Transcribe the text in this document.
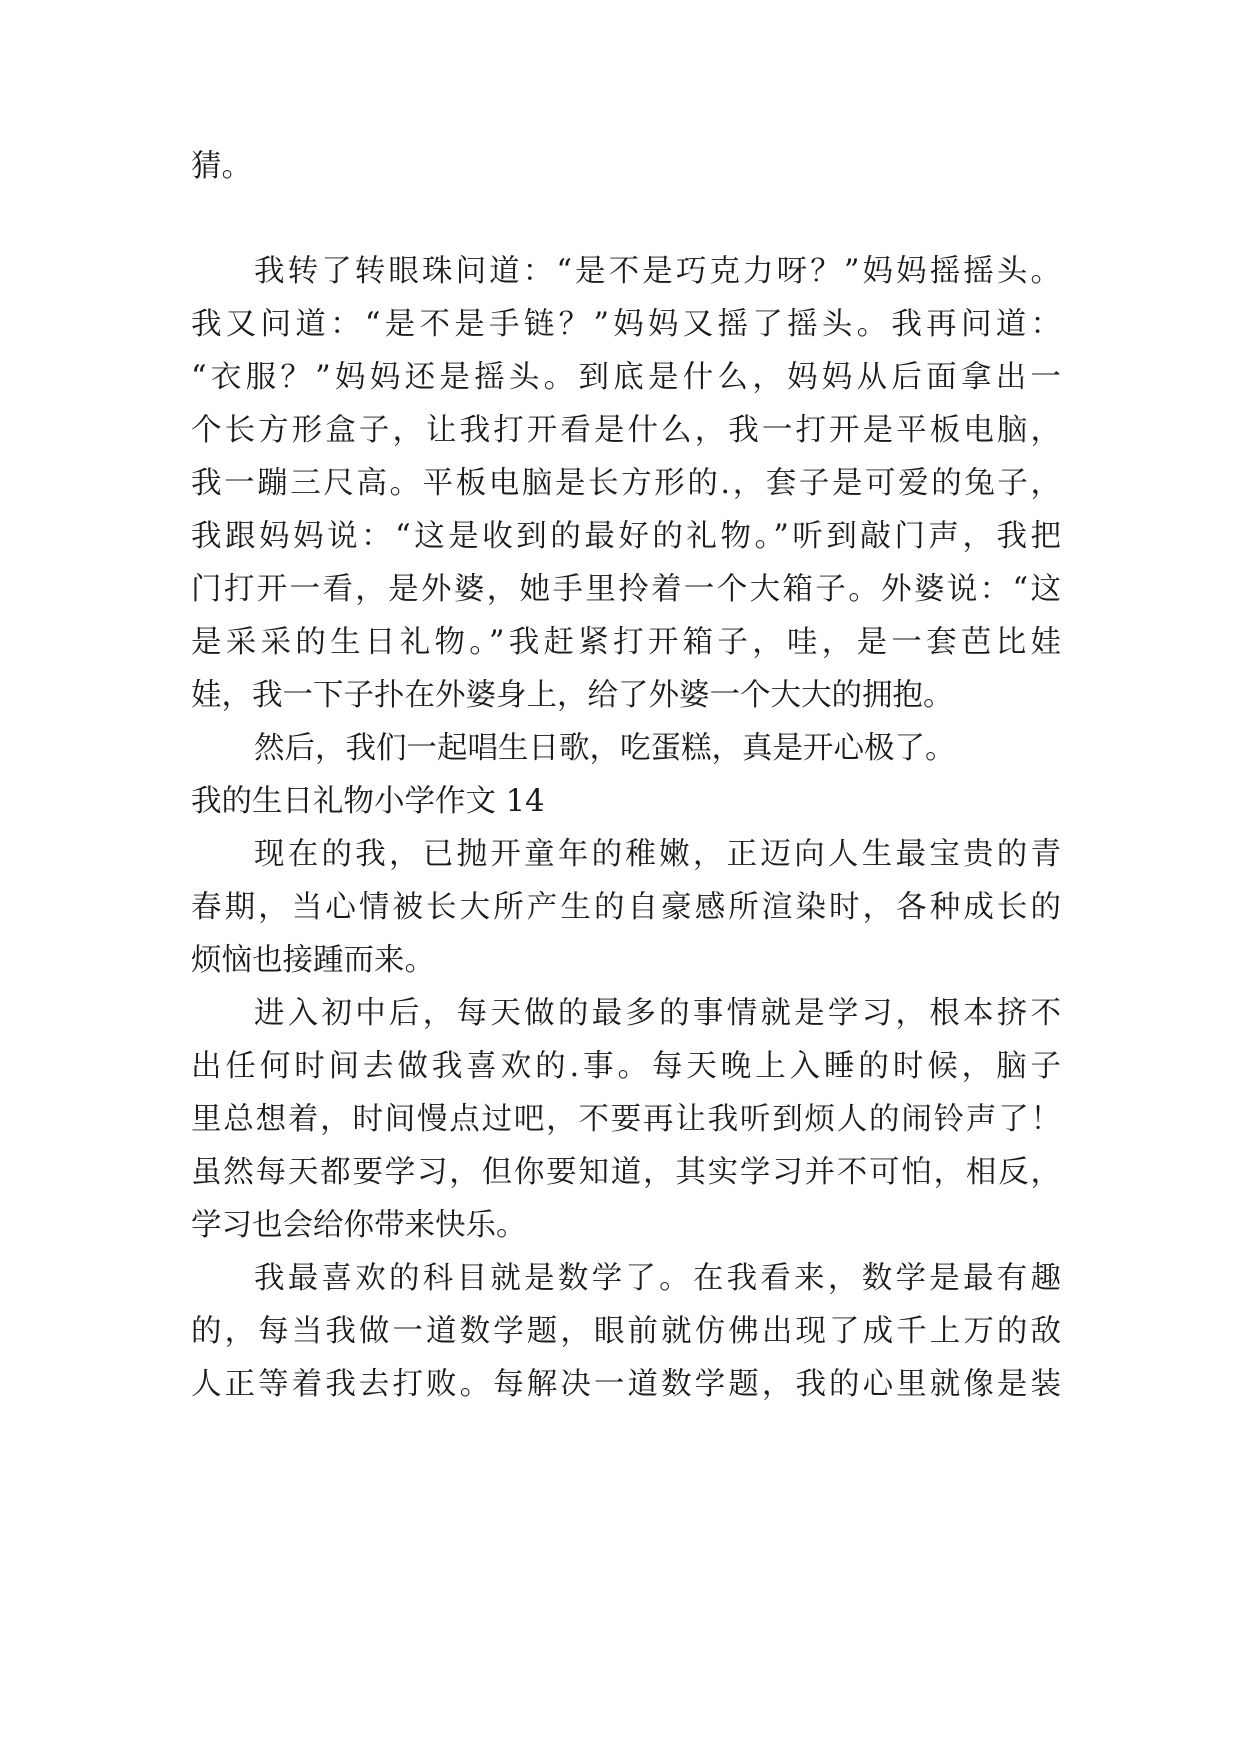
猜。
我转了转眼珠问道：“是不是巧克力呀？”妈妈摇摇头。
我又问道：“是不是手链？”妈妈又摇了摇头。我再问道：
“衣服？”妈妈还是摇头。到底是什么，妈妈从后面拿出一
个长方形盒子，让我打开看是什么，我一打开是平板电脑，
我一蹦三尺高。平板电脑是长方形的.，套子是可爱的兔子，
我跟妈妈说：“这是收到的最好的礼物。”听到敲门声，我把
门打开一看，是外婆，她手里拎着一个大箱子。外婆说：“这
是采采的生日礼物。”我赶紧打开箱子，哇，是一套芭比娃
娃，我一下子扑在外婆身上，给了外婆一个大大的拥抱。
然后，我们一起唱生日歌，吃蛋糕，真是开心极了。
我的生日礼物小学作文 14
现在的我，已抛开童年的稚嫩，正迈向人生最宝贵的青
春期，当心情被长大所产生的自豪感所渲染时，各种成长的
烦恼也接踵而来。
进入初中后，每天做的最多的事情就是学习，根本挤不
出任何时间去做我喜欢的.事。每天晚上入睡的时候，脑子
里总想着，时间慢点过吧，不要再让我听到烦人的闹铃声了！
虽然每天都要学习，但你要知道，其实学习并不可怕，相反，
学习也会给你带来快乐。
我最喜欢的科目就是数学了。在我看来，数学是最有趣
的，每当我做一道数学题，眼前就仿佛出现了成千上万的敌
人正等着我去打败。每解决一道数学题，我的心里就像是装
